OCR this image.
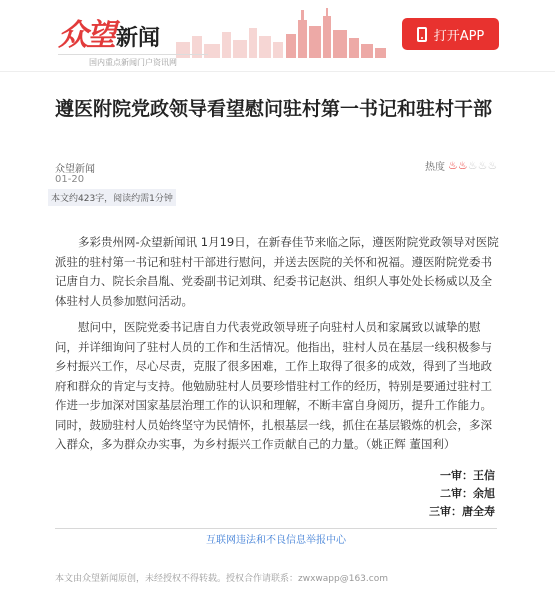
众望 新闻
国内重点新闻门户资讯网
打开APP
遵医附院党政领导看望慰问驻村第一书记和驻村干部
众望新闻
01-20
热度 ♨♨♨♨♨
本文约423字，阅读约需1分钟

多彩贵州网-众望新闻讯 1月19日，在新春佳节来临之际，遵医附院党政领导对医院派驻的驻村第一书记和驻村干部进行慰问，并送去医院的关怀和祝福。遵医附院党委书记唐自力、院长余昌胤、党委副书记刘琪、纪委书记赵洪、组织人事处处长杨威以及全体驻村人员参加慰问活动。

慰问中，医院党委书记唐自力代表党政领导班子向驻村人员和家属致以诚挚的慰问，并详细询问了驻村人员的工作和生活情况。他指出，驻村人员在基层一线积极参与乡村振兴工作，尽心尽责，克服了很多困难，工作上取得了很多的成效，得到了当地政府和群众的肯定与支持。他勉励驻村人员要珍惜驻村工作的经历，特别是要通过驻村工作进一步加深对国家基层治理工作的认识和理解，不断丰富自身阅历，提升工作能力。同时，鼓励驻村人员始终坚守为民情怀，扎根基层一线，抓住在基层锻炼的机会，多深入群众，多为群众办实事，为乡村振兴工作贡献自己的力量。（姚正辉 董国利）

一审：王信
二审：余旭
三审：唐全寿
互联网违法和不良信息举报中心
本文由众望新闻原创，未经授权不得转载。授权合作请联系：zwxwapp@163.com
